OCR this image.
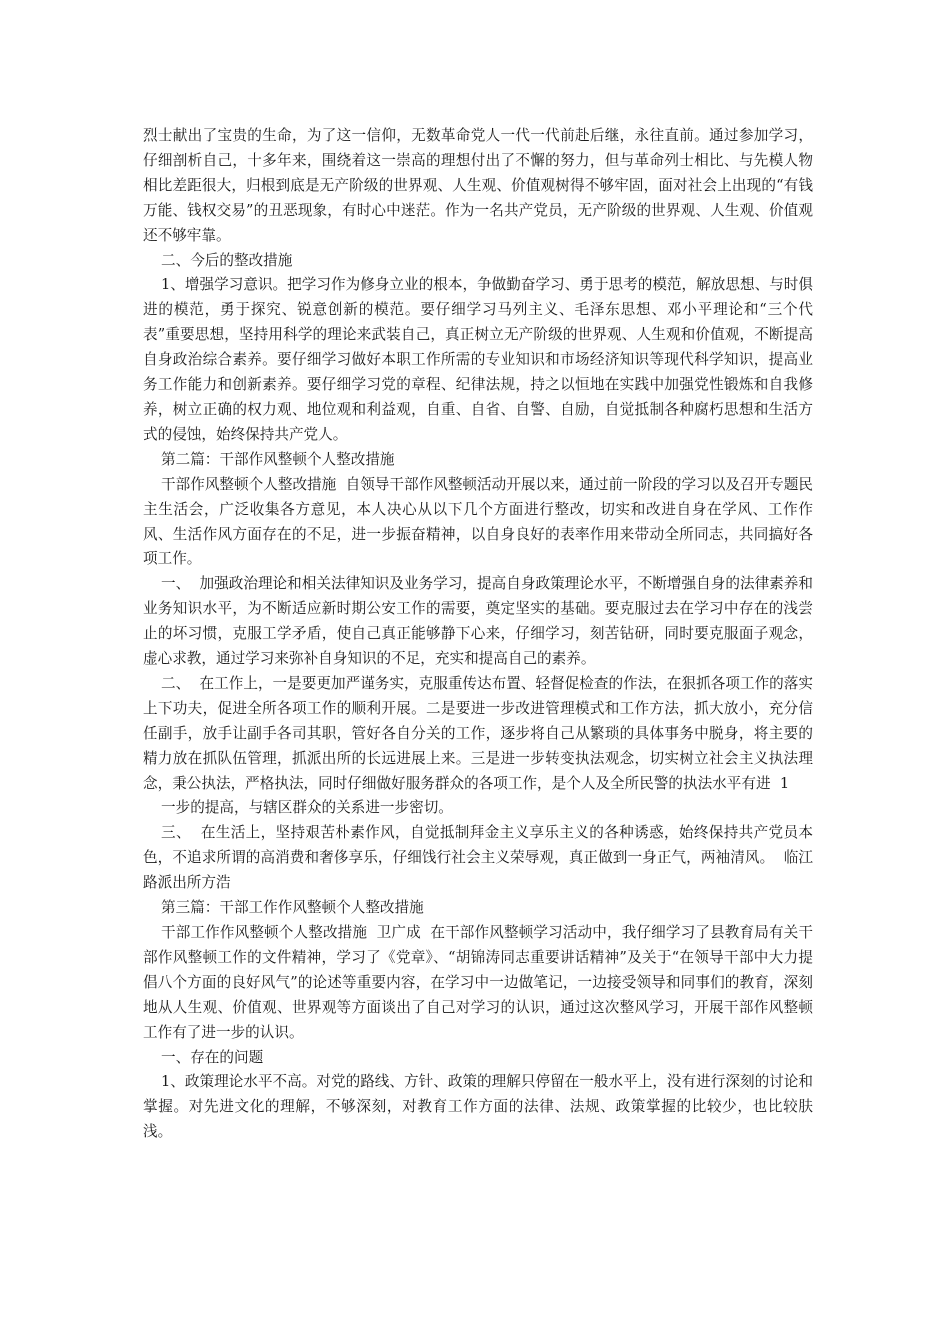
烈士献出了宝贵的生命，为了这一信仰，无数革命党人一代一代前赴后继，永往直前。通过参加学习，仔细剖析自己，十多年来，围绕着这一崇高的理想付出了不懈的努力，但与革命列士相比、与先模人物相比差距很大，归根到底是无产阶级的世界观、人生观、价值观树得不够牢固，面对社会上出现的“有钱万能、钱权交易”的丑恶现象，有时心中迷茫。作为一名共产党员，无产阶级的世界观、人生观、价值观还不够牢靠。

二、今后的整改措施

1、增强学习意识。把学习作为修身立业的根本，争做勤奋学习、勇于思考的模范，解放思想、与时俱进的模范，勇于探究、锐意创新的模范。要仔细学习马列主义、毛泽东思想、邓小平理论和“三个代表”重要思想，坚持用科学的理论来武装自己，真正树立无产阶级的世界观、人生观和价值观，不断提高自身政治综合素养。要仔细学习做好本职工作所需的专业知识和市场经济知识等现代科学知识，提高业务工作能力和创新素养。要仔细学习党的章程、纪律法规，持之以恒地在实践中加强党性锻炼和自我修养，树立正确的权力观、地位观和利益观，自重、自省、自警、自励，自觉抵制各种腐朽思想和生活方式的侵蚀，始终保持共产党人。

第二篇：干部作风整顿个人整改措施

干部作风整顿个人整改措施  自领导干部作风整顿活动开展以来，通过前一阶段的学习以及召开专题民主生活会，广泛收集各方意见，本人决心从以下几个方面进行整改，切实和改进自身在学风、工作作风、生活作风方面存在的不足，进一步振奋精神，以自身良好的表率作用来带动全所同志，共同搞好各项工作。

一、  加强政治理论和相关法律知识及业务学习，提高自身政策理论水平，不断增强自身的法律素养和业务知识水平，为不断适应新时期公安工作的需要，奠定坚实的基础。要克服过去在学习中存在的浅尝  止的坏习惯，克服工学矛盾，使自己真正能够静下心来，仔细学习，刻苦钻研，同时要克服面子观念，虚心求教，通过学习来弥补自身知识的不足，充实和提高自己的素养。

二、  在工作上，一是要更加严谨务实，克服重传达布置、轻督促检查的作法，在狠抓各项工作的落实上下功夫，促进全所各项工作的顺利开展。二是要进一步改进管理模式和工作方法，抓大放小，充分信任副手，放手让副手各司其职，管好各自分关的工作，逐步将自己从繁琐的具体事务中脱身，将主要的精力放在抓队伍管理，抓派出所的长远进展上来。三是进一步转变执法观念，切实树立社会主义执法理念，秉公执法，严格执法，同时仔细做好服务群众的各项工作，是个人及全所民警的执法水平有进  1

一步的提高，与辖区群众的关系进一步密切。

三、  在生活上，坚持艰苦朴素作风，自觉抵制拜金主义享乐主义的各种诱惑，始终保持共产党员本色，不追求所谓的高消费和奢侈享乐，仔细饯行社会主义荣辱观，真正做到一身正气，两袖清风。  临江路派出所方浩

第三篇：干部工作作风整顿个人整改措施

干部工作作风整顿个人整改措施  卫广成  在干部作风整顿学习活动中，我仔细学习了县教育局有关干部作风整顿工作的文件精神，学习了《党章》、“胡锦涛同志重要讲话精神”及关于“在领导干部中大力提倡八个方面的良好风气”的论述等重要内容，在学习中一边做笔记，一边接受领导和同事们的教育，深刻地从人生观、价值观、世界观等方面谈出了自己对学习的认识，通过这次整风学习，开展干部作风整顿工作有了进一步的认识。

一、存在的问题

1、政策理论水平不高。对党的路线、方针、政策的理解只停留在一般水平上，没有进行深刻的讨论和掌握。对先进文化的理解，不够深刻，对教育工作方面的法律、法规、政策掌握的比较少，也比较肤浅。
